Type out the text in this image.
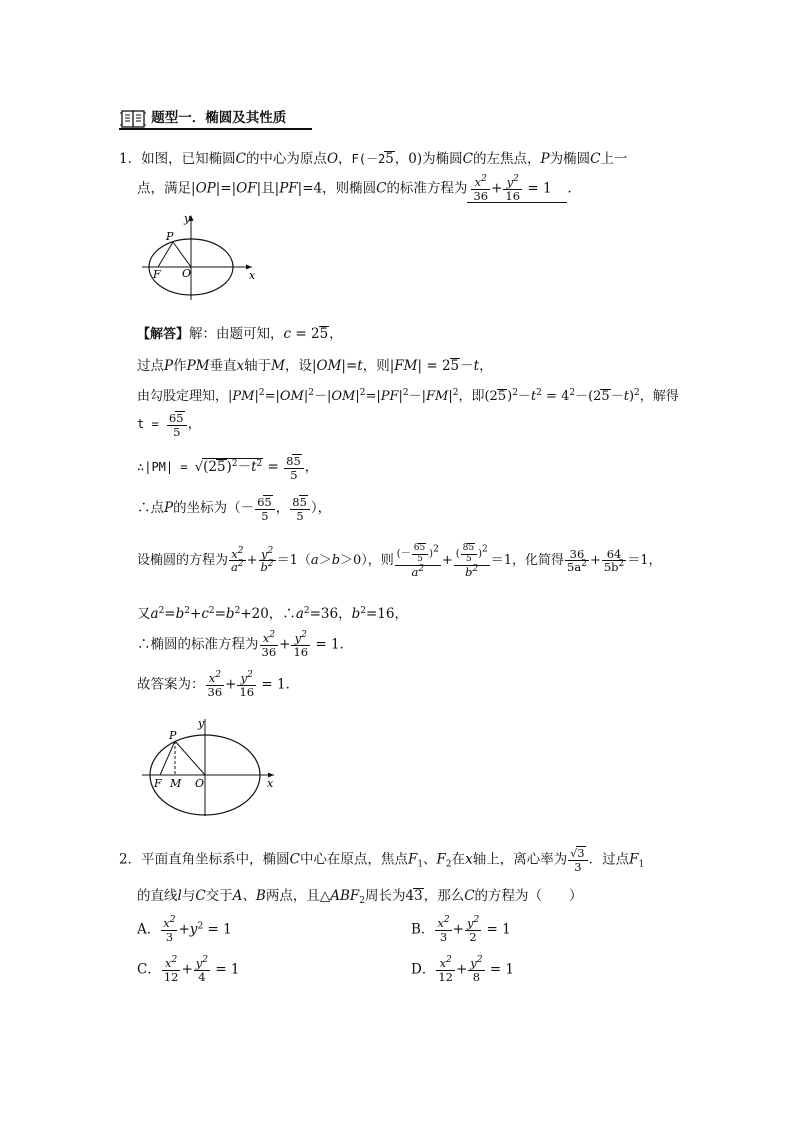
题型一．椭圆及其性质
1．如图，已知椭圆C的中心为原点O，F(－25，0)为椭圆C的左焦点，P为椭圆C上一
点，满足|OP|=|OF|且|PF|=4，则椭圆C的标准方程为 $\frac{x^2}{36} + \frac{y^2}{16} = 1$ .
y
x
P
F O
【解答】解：由题可知，c = 25，
过点P作PM垂直x轴于M，设|OM|=t，则|FM| = 25－t，
由勾股定理知，$|PM|^2=|OM|^2-|OM|^2=|PF|^2-|FM|^2$，即$(25)^2-t^2 = 4^2-(25-t)^2$，解得
$t = \frac{65}{5}$ ，
∴|PM| = $√(25)^2-t^2 = \frac{85}{5}$ ，
∴点P的坐标为（－ $\frac{65}{5}$ ， $\frac{85}{5}$ ），
设椭圆的方程为 $\frac{x^2}{a^2} + \frac{y^2}{b^2} =1(a>b>0)$，则 $\frac{(- \frac{65}{5} )^2}{a^2} + \frac{( \frac{85}{5} )^2}{b^2} =1$，化简得 $\frac{36}{5a^2} + \frac{64}{5b^2} =1$，
又$a^2=b^2+c^2=b^2+20$，$\therefore a^2=36$，$b^2=16$，
∴椭圆的标准方程为 $\frac{x^2}{36} + \frac{y^2}{16} = 1$．
故答案为： $\frac{x^2}{36} + \frac{y^2}{16} = 1$．
y
x
P
F M O
2．平面直角坐标系中，椭圆C中心在原点，焦点$F_1$、$F_2$在x轴上，离心率为 $\frac{√3}{3}$ ．过点$F_1$
的直线l与C交于A、B两点，且$\triangle ABF_2$周长为43，那么C的方程为（　　）
A． $\frac{x^2}{3} +y^2 = 1$	B． $\frac{x^2}{3} + \frac{y^2}{2} = 1$
C． $\frac{x^2}{12} + \frac{y^2}{4} = 1$	D． $\frac{x^2}{12} + \frac{y^2}{8} = 1$
